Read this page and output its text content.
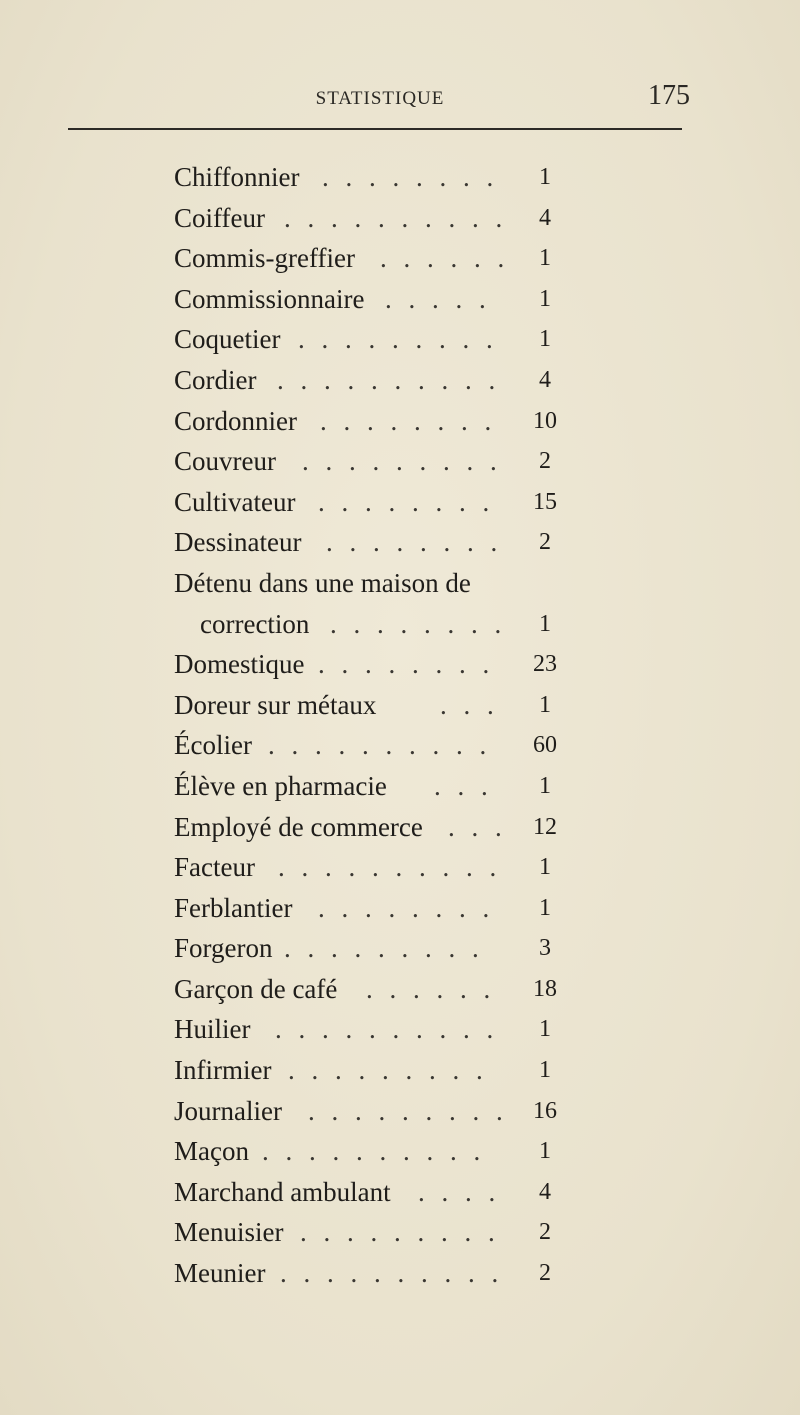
STATISTIQUE	175
Chiffonnier . . . . . . . .	1
Coiffeur . . . . . . . . . .	4
Commis-greffier . . . . . .	1
Commissionnaire . . . . .	1
Coquetier . . . . . . . . .	1
Cordier . . . . . . . . . .	4
Cordonnier . . . . . . . .	10
Couvreur . . . . . . . . .	2
Cultivateur . . . . . . . .	15
Dessinateur . . . . . . . .	2
Détenu dans une maison de
correction . . . . . . . .	1
Domestique . . . . . . . .	23
Doreur sur métaux . . .	1
Écolier . . . . . . . . . .	60
Élève en pharmacie . . .	1
Employé de commerce . . .	12
Facteur . . . . . . . . . .	1
Ferblantier . . . . . . . .	1
Forgeron . . . . . . . . .	3
Garçon de café . . . . . .	18
Huilier . . . . . . . . . .	1
Infirmier . . . . . . . . .	1
Journalier . . . . . . . . .	16
Maçon . . . . . . . . . .	1
Marchand ambulant . . . .	4
Menuisier . . . . . . . . .	2
Meunier . . . . . . . . . .	2
